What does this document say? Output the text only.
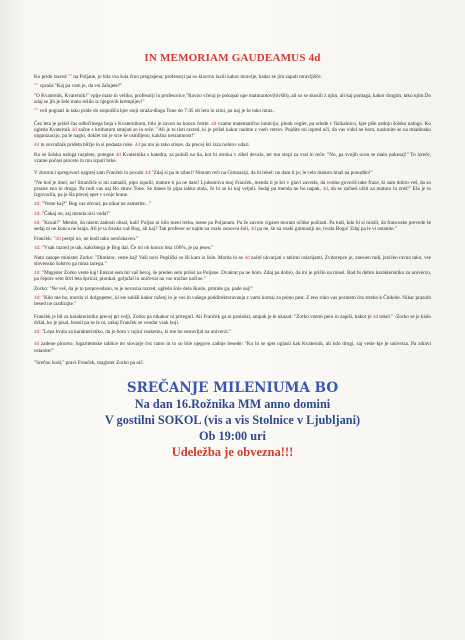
IN MEMORIAM GAUDEAMUS 4d

Ko pride razred "" na Poljane, je bila vsa šola črno pregrajena; profesorji pa so klavrno lazili kakor mravlje, kadar se jim zapali mravljišče.

"" vpraša:"Kaj pa vam je, da vsi žalujete?"

"O Kvaternik, Kvaternik!" vpije malo in veliko, profesorji in profesorice,"Ravno včeraj je pokopal upe maturantov(bivših), ali so se skusili z njim, ali kaj pomaga, kakor drugim, tako njim.Do zdaj se jih je šele malo rešilo iz njegovih krempljev!"

"" veli pognati in tako pride do stopnišča kjer stoji straža-dinga Tone do 7:45 ob letu in zimi, pa naj je še tako mraz.

Čez leta je prišel čas odločilnega boja s Kvaternikom, bilo je zavno na koncu četrte. 4d vzame matematično intuicijo, plonk cegler, pa odode v fizikalnico, kjer piše zadnjo šolsko nalogo. Ko ugleda Kvaternik 4d začne s krohotom smejati se in reče: "Ali je to tisti razred, ki je prišel kakor nadme z vseh vetrov. Pojdite mi izpred oči, da vas videl ne bom, naslonite se na mladinsko organizacijo, pa le naglo, dokler mi je srce še usmiljeno, kakšna nesramnost!"

4d in sovražnik pridetа bližje in si podasta roke. 4d pa mu jo tako stisne, da precej kri izza nohtov udari.

Ko se šolska naloga razplete, potegne 4d Kvaternika s katedra, za položi na tla, kot bi otroka v zibel devalo, ter mu stopi za vrat in reče: "No, pa svojih ocen se malo pokesaj!" To izreče, vzame počasi pincetо in mu izpuli brke.

V zbornici spregovori najprej sam Franček in povabi 4d:"Zdaj si pa le izberi! Nimam reči na Gimnaziji, da bi rekel: ne dam ti je; le celo maturo imaš na ponudbo!"

"Ne boš je imel, ne! Strančiče si mi zamašil, pipo izpulil, mature ti pa ne dam! Ljubezniva moj Franček, menda ti je kri v glavi zavrela, da vodno govoriš take fraze, ki sam dobro veš, da so prazne ena in druga. Pa tudi vas naj Bo straw Tone. Se danes bi pipa lahko stala, če bi se ki kaj veljali. Sedaj pa menda ne bo napak, 4d, da se začneš učiti za maturo in zreš!" Ela je to izgovorila, pa je šla precej spet v svoje hrane.

4d: "Veste kaj?" Bog vas obvari, pa nikar ne zameritе..."

4d: "Čakaj no, saj menda nisi voda!"

4d: "Kozal?" Menite, da nisem zadosti obsal, kali! Poljan ni bilo meni treba, mene pa Poljanam. Pa že zavolo cigaret moram očitke požirati. Pa tudi, kdo bi si mislil, da francoske prevede še sedaj ni ne konca ne kraja. Ali je ta žrnska vaš Bog, ali kaj? Tak profesor se najde na vsaki osnovni šoli, 4d pa ne, še na vsaki gimnaziji ne, hvala Bogu! Zdaj pa le vi ostanite."

Franček: "4d potrpi no, ne bodi tako nenčakaven."

4d: "Vsak razred je tak, kakršnega je Bog dal. Če mi ob koncu leta 100%, je pa jesen."

Nato zasope minister Zorko: "Direktor, veste kaj! Vaši novi Pupilčki so šli kam iz šole. Morda bi se 4d začel ukvarjati s takimi oslarijami. Zvitorepce je, znesien tudi, jezičen ravno tako, vse slovensko šolstvo ga nima tacega."

4d: "Magister Zorko veste kaj! Enkrat sem bil vaš heroj, še preden sem prišel na Poljane. Dvakrat pa ne bom. Zdaj pa dobro, da mi je prišlo na misel. Rad bi dobro karakteristiko za univerzo, pa čeprav sem štiri leta špricál, plonkal, goljufal in uničeval na vse možne načine."

Zorko: "Ne veš, da je to prepovedano, to je nevarna razred, uglėdo šole dela škodo, primite ga, pade naj!"

4d: "Kdo me bo, morda vi dolgopetec, ki ste suhšli kakor raženj in je vas in vašega poddirektoravanja z vami komaj za polno pest. Z eno roko vas porinem čez streho k Činkole. Nikar praznih besed ne razdirajte."

Franček je bil za karakteristiko precej pri volji, Zorko pa nikakor ni pritegnil. Ali Franček ga ni poslušal, ampak je le ukazal: "Zorko vzemi pero in zapiši, kakor je 4d rekel." -Zorko se je kislo držal, ko je pisal, branil pa se le ni, zakaj Franček se vendar vsak bojí.

4d: "Lepa hvala za karakteristiko, da jo bom v tujini vsakemu, ki me bo sestavljal na univerzi."

4d zadene pincetо, logaritemske tablice ter slovarje čez ramo in to so bile njegove zadnje besede: "Ko bi se spet oglasil kak Kvaternik, ali kdo drugi, saj veste kje je univerza. Pa zdravi ostanite!"

"Srečno hodi," pravi Franček, magister Zorko pa nič.

SREČANJE MILENIUMA BO
Na dan 16.Rožnika MM anno domini
V gostilni SOKOL (vis a vis Stolnice v Ljubljani)
Ob 19:00 uri
Udeležba je obvezna!!!
